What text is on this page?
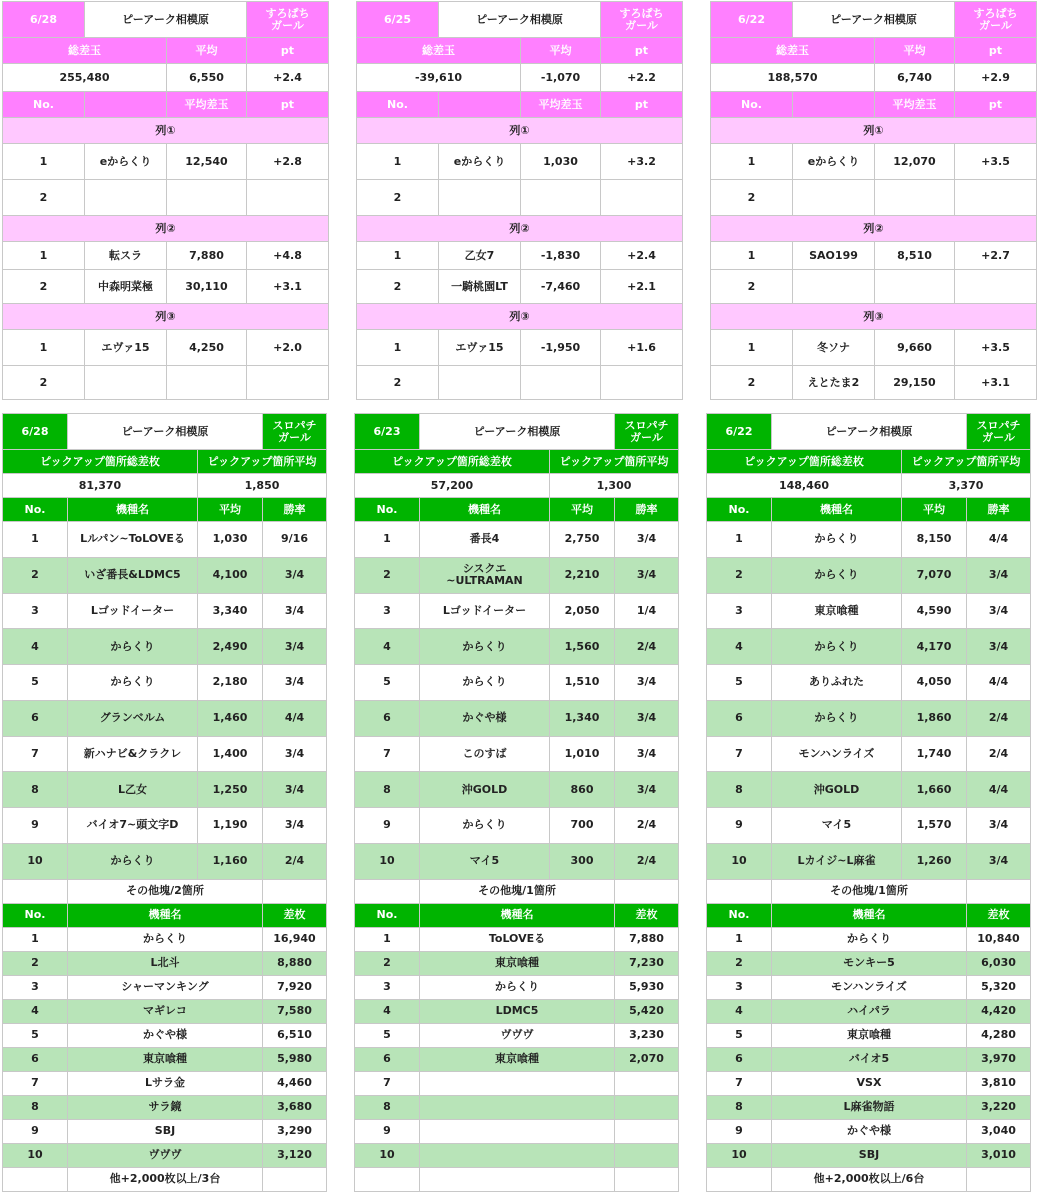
6/28	ピーアーク相模原		すろぱち
ガール
総差玉		平均	pt
255,480		6,550	+2.4
No.		平均差玉	pt
列①			
1	eからくり	12,540	+2.8
2			
列②			
1	転スラ	7,880	+4.8
2	中森明菜極	30,110	+3.1
列③			
1	エヴァ15	4,250	+2.0
2			
6/25	ピーアーク相模原		すろぱち
ガール
総差玉		平均	pt
-39,610		-1,070	+2.2
No.		平均差玉	pt
列①			
1	eからくり	1,030	+3.2
2			
列②			
1	乙女7	-1,830	+2.4
2	一騎桃園LT	-7,460	+2.1
列③			
1	エヴァ15	-1,950	+1.6
2			
6/22	ピーアーク相模原		すろぱち
ガール
総差玉		平均	pt
188,570		6,740	+2.9
No.		平均差玉	pt
列①			
1	eからくり	12,070	+3.5
2			
列②			
1	SAO199	8,510	+2.7
2			
列③			
1	冬ソナ	9,660	+3.5
2	えとたま2	29,150	+3.1
6/28	ピーアーク相模原		スロパチ
ガール
ピックアップ箇所総差枚		ピックアップ箇所平均	
81,370		1,850	
No.	機種名	平均	勝率
1	Lルパン~ToLOVEる	1,030	9/16
2	いざ番長&LDMC5	4,100	3/4
3	Lゴッドイーター	3,340	3/4
4	からくり	2,490	3/4
5	からくり	2,180	3/4
6	グランベルム	1,460	4/4
7	新ハナビ&クラクレ	1,400	3/4
8	L乙女	1,250	3/4
9	バイオ7~頭文字D	1,190	3/4
10	からくり	1,160	2/4
	その他塊/2箇所		
No.	機種名		差枚
1	からくり		16,940
2	L北斗		8,880
3	シャーマンキング		7,920
4	マギレコ		7,580
5	かぐや様		6,510
6	東京喰種		5,980
7	Lサラ金		4,460
8	サラ鏡		3,680
9	SBJ		3,290
10	ヴヴヴ		3,120
	他+2,000枚以上/3台		
6/23	ピーアーク相模原		スロパチ
ガール
ピックアップ箇所総差枚		ピックアップ箇所平均	
57,200		1,300	
No.	機種名	平均	勝率
1	番長4	2,750	3/4
2	シスクエ
~ULTRAMAN	2,210	3/4
3	Lゴッドイーター	2,050	1/4
4	からくり	1,560	2/4
5	からくり	1,510	3/4
6	かぐや様	1,340	3/4
7	このすば	1,010	3/4
8	沖GOLD	860	3/4
9	からくり	700	2/4
10	マイ5	300	2/4
	その他塊/1箇所		
No.	機種名		差枚
1	ToLOVEる		7,880
2	東京喰種		7,230
3	からくり		5,930
4	LDMC5		5,420
5	ヴヴヴ		3,230
6	東京喰種		2,070
7			
8			
9			
10			

6/22	ピーアーク相模原		スロパチ
ガール
ピックアップ箇所総差枚		ピックアップ箇所平均	
148,460		3,370	
No.	機種名	平均	勝率
1	からくり	8,150	4/4
2	からくり	7,070	3/4
3	東京喰種	4,590	3/4
4	からくり	4,170	3/4
5	ありふれた	4,050	4/4
6	からくり	1,860	2/4
7	モンハンライズ	1,740	2/4
8	沖GOLD	1,660	4/4
9	マイ5	1,570	3/4
10	Lカイジ~L麻雀	1,260	3/4
	その他塊/1箇所		
No.	機種名		差枚
1	からくり		10,840
2	モンキー5		6,030
3	モンハンライズ		5,320
4	ハイパラ		4,420
5	東京喰種		4,280
6	バイオ5		3,970
7	VSX		3,810
8	L麻雀物語		3,220
9	かぐや様		3,040
10	SBJ		3,010
	他+2,000枚以上/6台		
